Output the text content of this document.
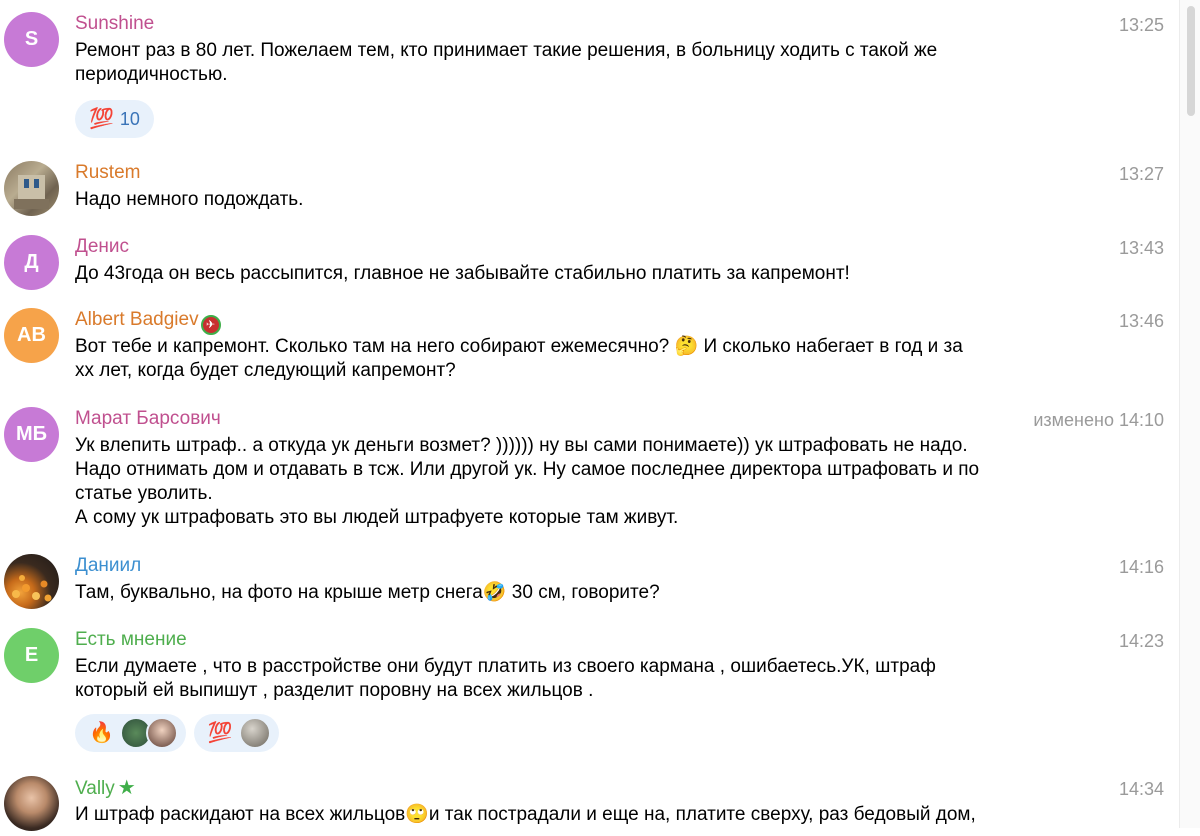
S
Sunshine	13:25

Ремонт раз в 80 лет. Пожелаем тем, кто принимает такие решения, в больницу ходить с такой же

периодичностью.

💯 10
Rustem	13:27

Надо немного подождать.

Д
Денис	13:43

До 43года он весь рассыпится, главное не забывайте стабильно платить за капремонт!

AB
Albert Badgiev ✈	13:46

Вот тебе и капремонт. Сколько там на него собирают ежемесячно? 🤔 И сколько набегает в год и за

хх лет, когда будет следующий капремонт?

МБ
Марат Барсович	изменено 14:10

Ук влепить штраф.. а откуда ук деньги возмет? )))))) ну вы сами понимаете)) ук штрафовать не надо.

Надо отнимать дом и отдавать в тсж. Или другой ук. Ну самое последнее директора штрафовать и по

статье уволить.

А сому ук штрафовать это вы людей штрафуете которые там живут.

Даниил	14:16

Там, буквально, на фото на крыше метр снега🤣 30 см, говорите?

Е
Есть мнение	14:23

Если думаете , что в расстройстве они будут платить из своего кармана , ошибаетесь.УК, штраф

который ей выпишут , разделит поровну на всех жильцов .

🔥	💯
Vally ★	14:34

И штраф раскидают на всех жильцов🙄и так пострадали и еще на, платите сверху, раз бедовый дом,
